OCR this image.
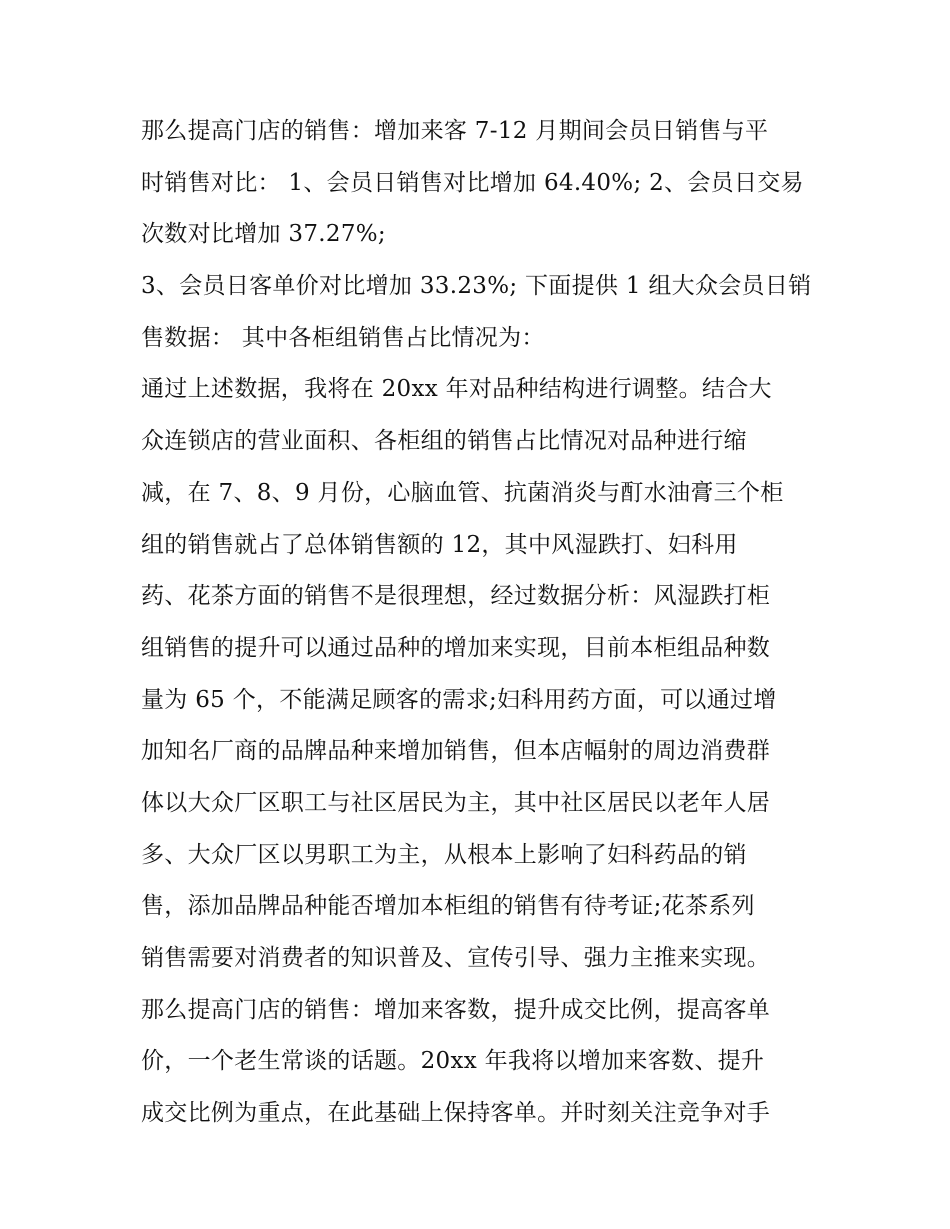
那么提高门店的销售：增加来客 7-12 月期间会员日销售与平
时销售对比： 1、会员日销售对比增加 64.40%; 2、会员日交易
次数对比增加 37.27%;
3、会员日客单价对比增加 33.23%; 下面提供 1 组大众会员日销
售数据： 其中各柜组销售占比情况为：
通过上述数据，我将在 20xx 年对品种结构进行调整。结合大
众连锁店的营业面积、各柜组的销售占比情况对品种进行缩
减，在 7、8、9 月份，心脑血管、抗菌消炎与酊水油膏三个柜
组的销售就占了总体销售额的 12，其中风湿跌打、妇科用
药、花茶方面的销售不是很理想，经过数据分析：风湿跌打柜
组销售的提升可以通过品种的增加来实现，目前本柜组品种数
量为 65 个，不能满足顾客的需求;妇科用药方面，可以通过增
加知名厂商的品牌品种来增加销售，但本店幅射的周边消费群
体以大众厂区职工与社区居民为主，其中社区居民以老年人居
多、大众厂区以男职工为主，从根本上影响了妇科药品的销
售，添加品牌品种能否增加本柜组的销售有待考证;花茶系列
销售需要对消费者的知识普及、宣传引导、强力主推来实现。
那么提高门店的销售：增加来客数，提升成交比例，提高客单
价，一个老生常谈的话题。20xx 年我将以增加来客数、提升
成交比例为重点，在此基础上保持客单。并时刻关注竞争对手
